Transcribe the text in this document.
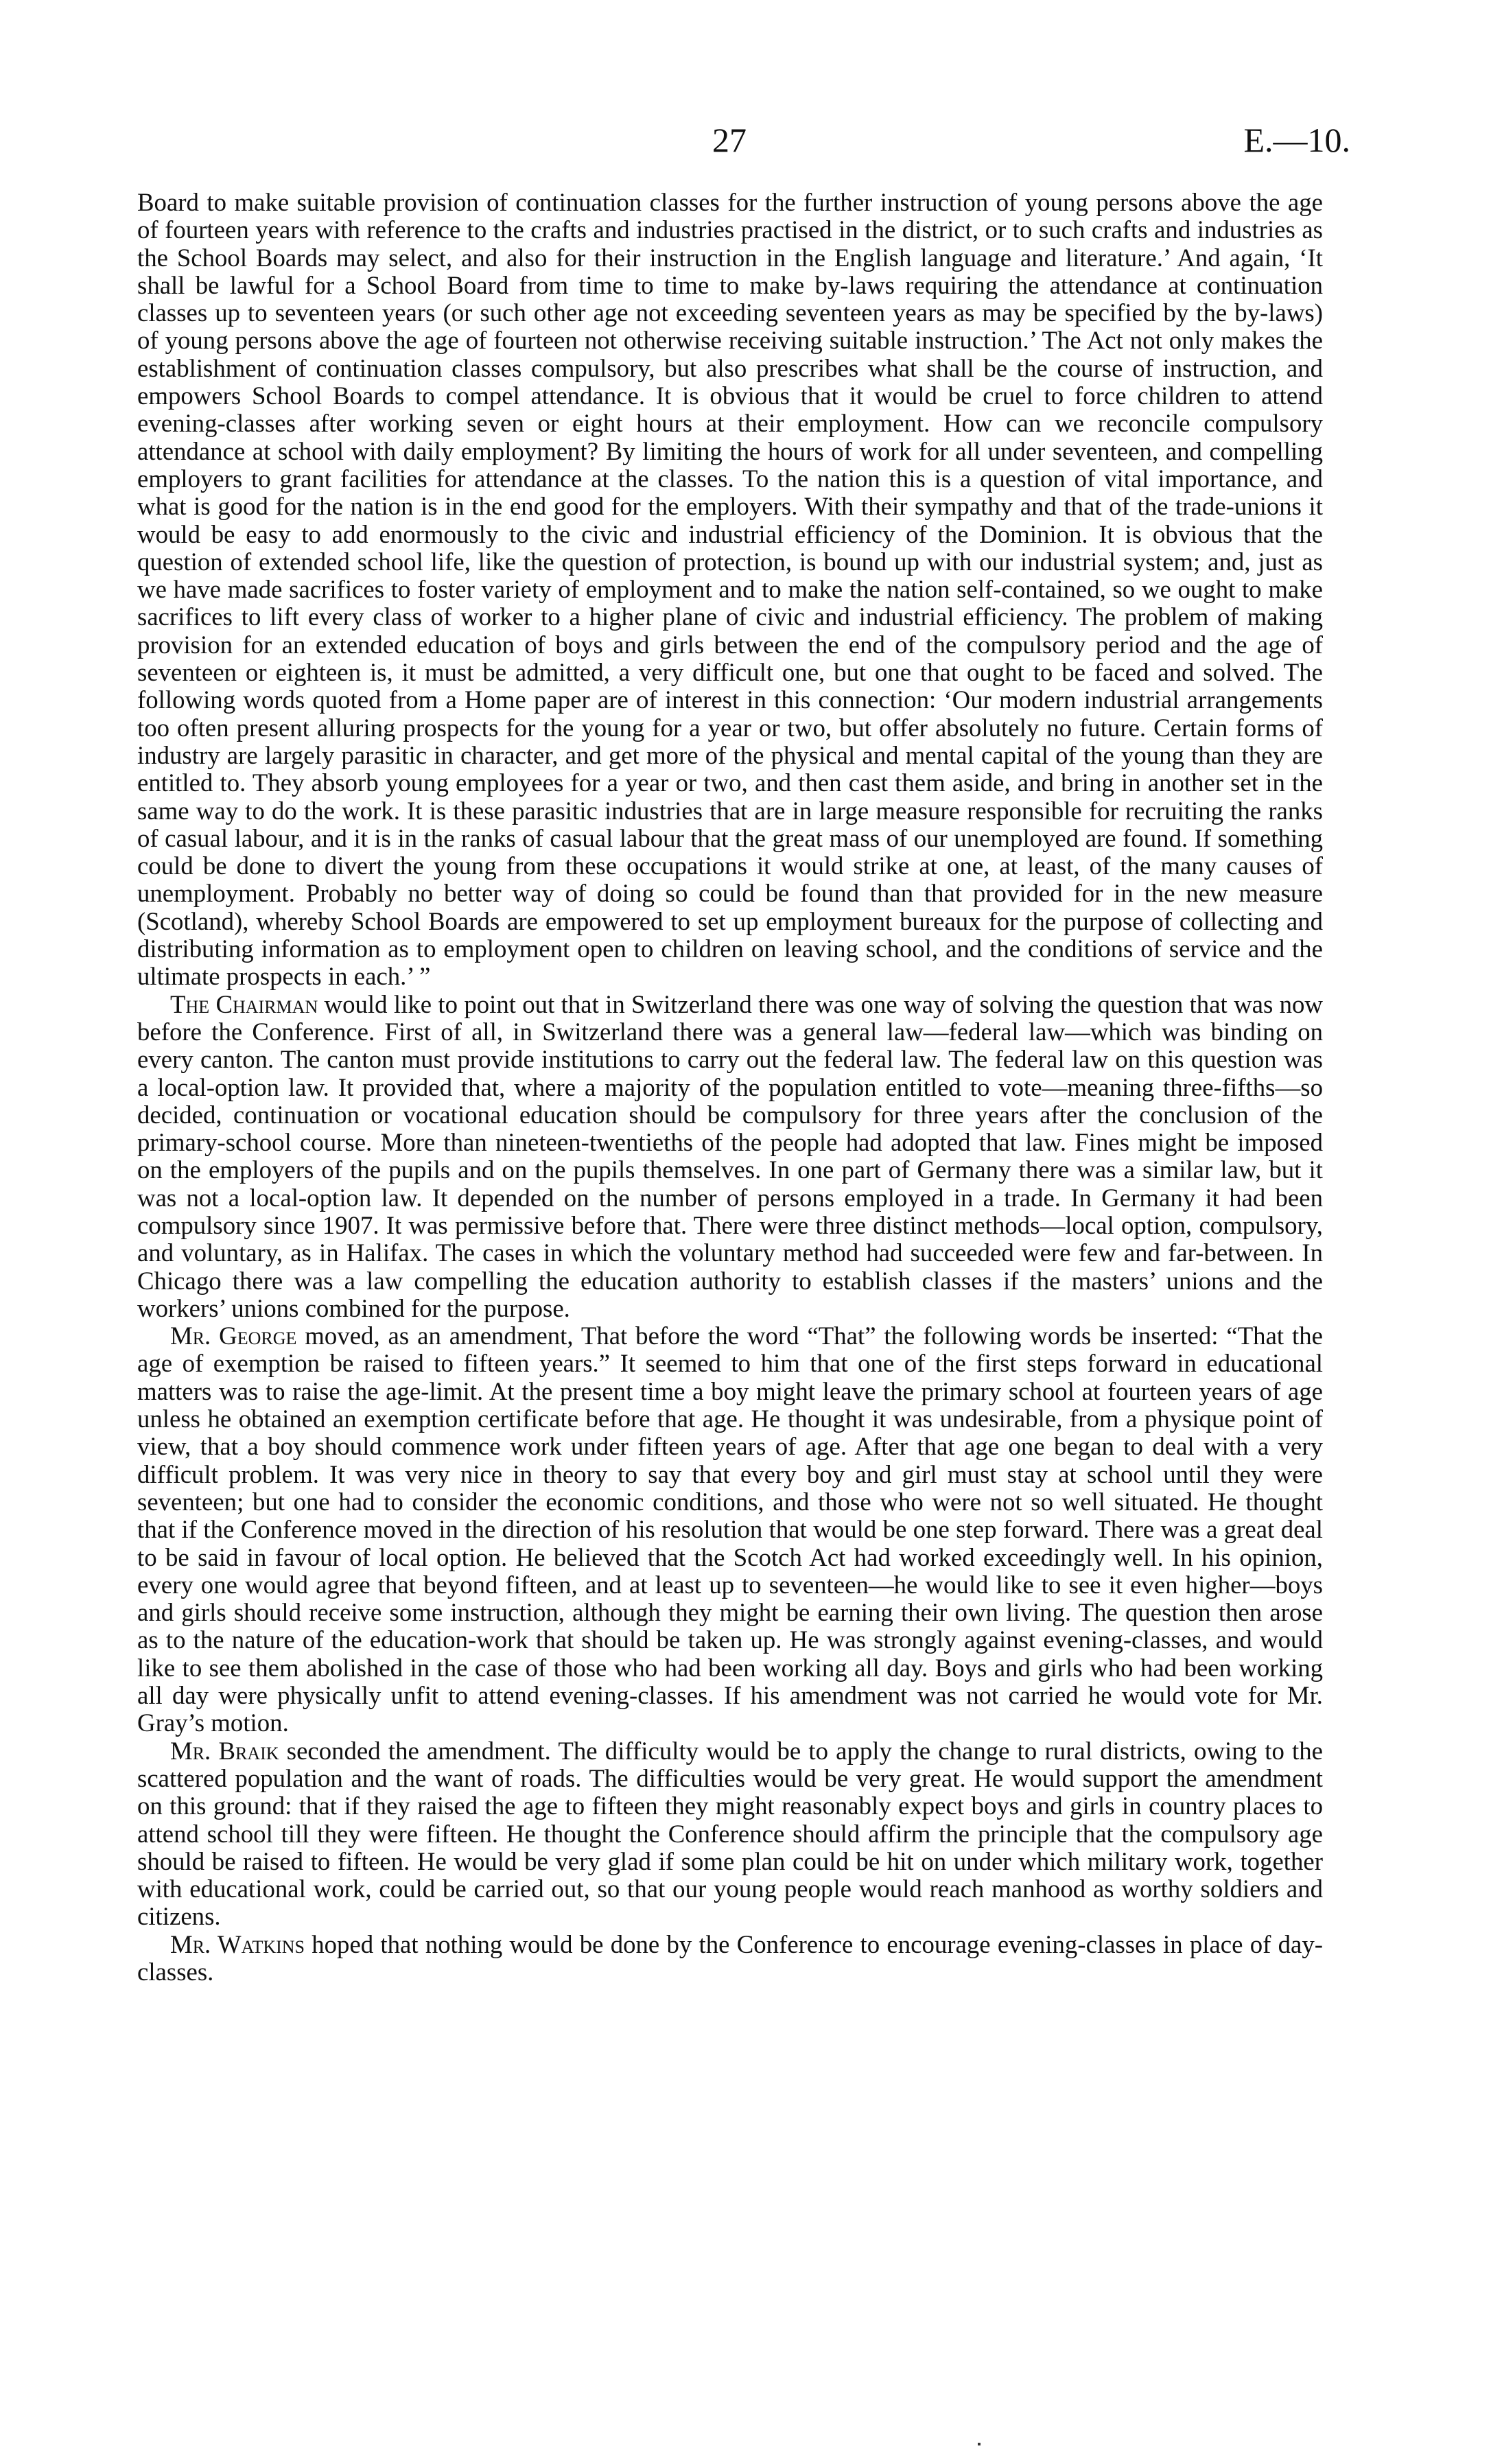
27	E.—10.

Board to make suitable provision of continuation classes for the further instruction of young persons above the age of fourteen years with reference to the crafts and industries practised in the district, or to such crafts and industries as the School Boards may select, and also for their instruction in the English language and literature.’ And again, ‘It shall be lawful for a School Board from time to time to make by-laws requiring the attendance at continuation classes up to seventeen years (or such other age not exceeding seventeen years as may be specified by the by-laws) of young persons above the age of fourteen not otherwise receiving suitable instruction.’ The Act not only makes the establishment of continuation classes compulsory, but also prescribes what shall be the course of instruction, and empowers School Boards to compel attendance. It is obvious that it would be cruel to force children to attend evening-classes after working seven or eight hours at their employment. How can we reconcile compulsory attendance at school with daily employment? By limiting the hours of work for all under seventeen, and compelling employers to grant facilities for attendance at the classes. To the nation this is a question of vital importance, and what is good for the nation is in the end good for the employers. With their sympathy and that of the trade-unions it would be easy to add enormously to the civic and industrial efficiency of the Dominion. It is obvious that the question of extended school life, like the question of protection, is bound up with our industrial system; and, just as we have made sacrifices to foster variety of employment and to make the nation self-contained, so we ought to make sacrifices to lift every class of worker to a higher plane of civic and industrial efficiency. The problem of making provision for an extended education of boys and girls between the end of the compulsory period and the age of seventeen or eighteen is, it must be admitted, a very difficult one, but one that ought to be faced and solved. The following words quoted from a Home paper are of interest in this connection: ‘Our modern industrial arrangements too often present alluring prospects for the young for a year or two, but offer absolutely no future. Certain forms of industry are largely parasitic in character, and get more of the physical and mental capital of the young than they are entitled to. They absorb young employees for a year or two, and then cast them aside, and bring in another set in the same way to do the work. It is these parasitic industries that are in large measure responsible for recruiting the ranks of casual labour, and it is in the ranks of casual labour that the great mass of our unemployed are found. If something could be done to divert the young from these occupations it would strike at one, at least, of the many causes of unemployment. Probably no better way of doing so could be found than that provided for in the new measure (Scotland), whereby School Boards are empowered to set up employment bureaux for the purpose of collecting and distributing information as to employment open to children on leaving school, and the conditions of service and the ultimate prospects in each.’ ”

The Chairman would like to point out that in Switzerland there was one way of solving the question that was now before the Conference. First of all, in Switzerland there was a general law—federal law—which was binding on every canton. The canton must provide institutions to carry out the federal law. The federal law on this question was a local-option law. It provided that, where a majority of the population entitled to vote—meaning three-fifths—so decided, continuation or vocational education should be compulsory for three years after the conclusion of the primary-school course. More than nineteen-twentieths of the people had adopted that law. Fines might be imposed on the employers of the pupils and on the pupils themselves. In one part of Germany there was a similar law, but it was not a local-option law. It depended on the number of persons employed in a trade. In Germany it had been compulsory since 1907. It was permissive before that. There were three distinct methods—local option, compulsory, and voluntary, as in Halifax. The cases in which the voluntary method had succeeded were few and far-between. In Chicago there was a law compelling the education authority to establish classes if the masters’ unions and the workers’ unions combined for the purpose.

Mr. George moved, as an amendment, That before the word “That” the following words be inserted: “That the age of exemption be raised to fifteen years.” It seemed to him that one of the first steps forward in educational matters was to raise the age-limit. At the present time a boy might leave the primary school at fourteen years of age unless he obtained an exemption certificate before that age. He thought it was undesirable, from a physique point of view, that a boy should commence work under fifteen years of age. After that age one began to deal with a very difficult problem. It was very nice in theory to say that every boy and girl must stay at school until they were seventeen; but one had to consider the economic conditions, and those who were not so well situated. He thought that if the Conference moved in the direction of his resolution that would be one step forward. There was a great deal to be said in favour of local option. He believed that the Scotch Act had worked exceedingly well. In his opinion, every one would agree that beyond fifteen, and at least up to seventeen—he would like to see it even higher—boys and girls should receive some instruction, although they might be earning their own living. The question then arose as to the nature of the education-work that should be taken up. He was strongly against evening-classes, and would like to see them abolished in the case of those who had been working all day. Boys and girls who had been working all day were physically unfit to attend evening-classes. If his amendment was not carried he would vote for Mr. Gray’s motion.

Mr. Braik seconded the amendment. The difficulty would be to apply the change to rural districts, owing to the scattered population and the want of roads. The difficulties would be very great. He would support the amendment on this ground: that if they raised the age to fifteen they might reasonably expect boys and girls in country places to attend school till they were fifteen. He thought the Conference should affirm the principle that the compulsory age should be raised to fifteen. He would be very glad if some plan could be hit on under which military work, together with educational work, could be carried out, so that our young people would reach manhood as worthy soldiers and citizens.

Mr. Watkins hoped that nothing would be done by the Conference to encourage evening-classes in place of day-classes.
